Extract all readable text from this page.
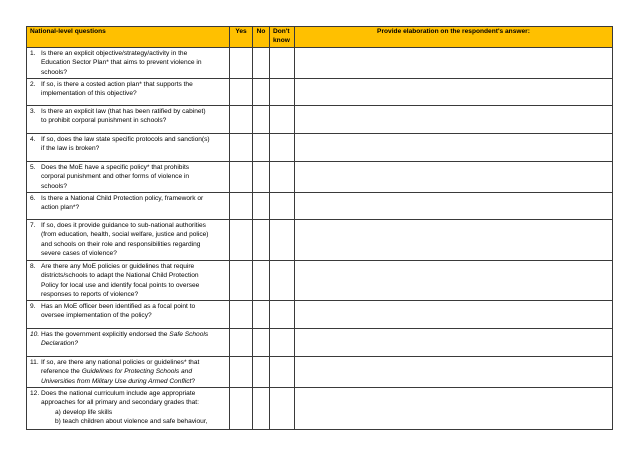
National-level questions	Yes	No	Don't
know	Provide elaboration on the respondent's answer:

1. Is there an explicit objective/strategy/activity in the
Education Sector Plan* that aims to prevent violence in
schools?				

2. If so, is there a costed action plan* that supports the
implementation of this objective?				

3. Is there an explicit law (that has been ratified by cabinet)
to prohibit corporal punishment in schools?				

4. If so, does the law state specific protocols and sanction(s)
if the law is broken?				

5. Does the MoE have a specific policy* that prohibits
corporal punishment and other forms of violence in
schools?				

6. Is there a National Child Protection policy, framework or
action plan*?				

7. If so, does it provide guidance to sub-national authorities
(from education, health, social welfare, justice and police)
and schools on their role and responsibilities regarding
severe cases of violence?				

8. Are there any MoE policies or guidelines that require
districts/schools to adapt the National Child Protection
Policy for local use and identify focal points to oversee
responses to reports of violence?				

9. Has an MoE officer been identified as a focal point to
oversee implementation of the policy?				

10. Has the government explicitly endorsed the Safe Schools
Declaration?				

11. If so, are there any national policies or guidelines* that
reference the Guidelines for Protecting Schools and
Universities from Military Use during Armed Conflict?				

12. Does the national curriculum include age appropriate
approaches for all primary and secondary grades that:
a) develop life skills
b) teach children about violence and safe behaviour,				
